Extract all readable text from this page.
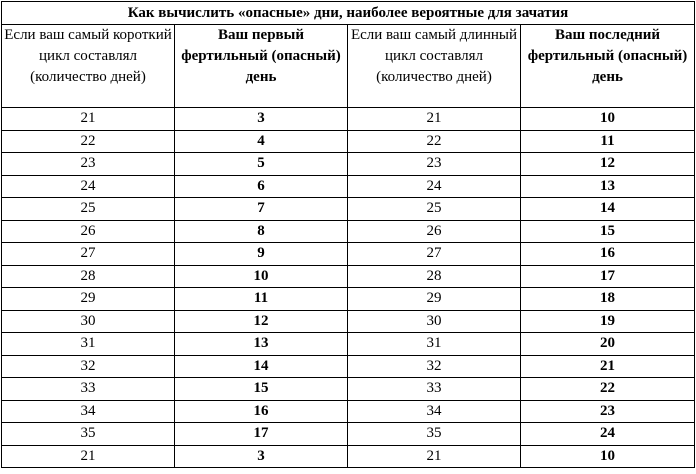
Как вычислить «опасные» дни, наиболее вероятные для зачатия			
Если ваш самый короткий цикл составлял (количество дней)	Ваш первый фертильный (опасный) день	Если ваш самый длинный цикл составлял (количество дней)	Ваш последний фертильный (опасный) день
21	3	21	10
22	4	22	11
23	5	23	12
24	6	24	13
25	7	25	14
26	8	26	15
27	9	27	16
28	10	28	17
29	11	29	18
30	12	30	19
31	13	31	20
32	14	32	21
33	15	33	22
34	16	34	23
35	17	35	24
21	3	21	10
